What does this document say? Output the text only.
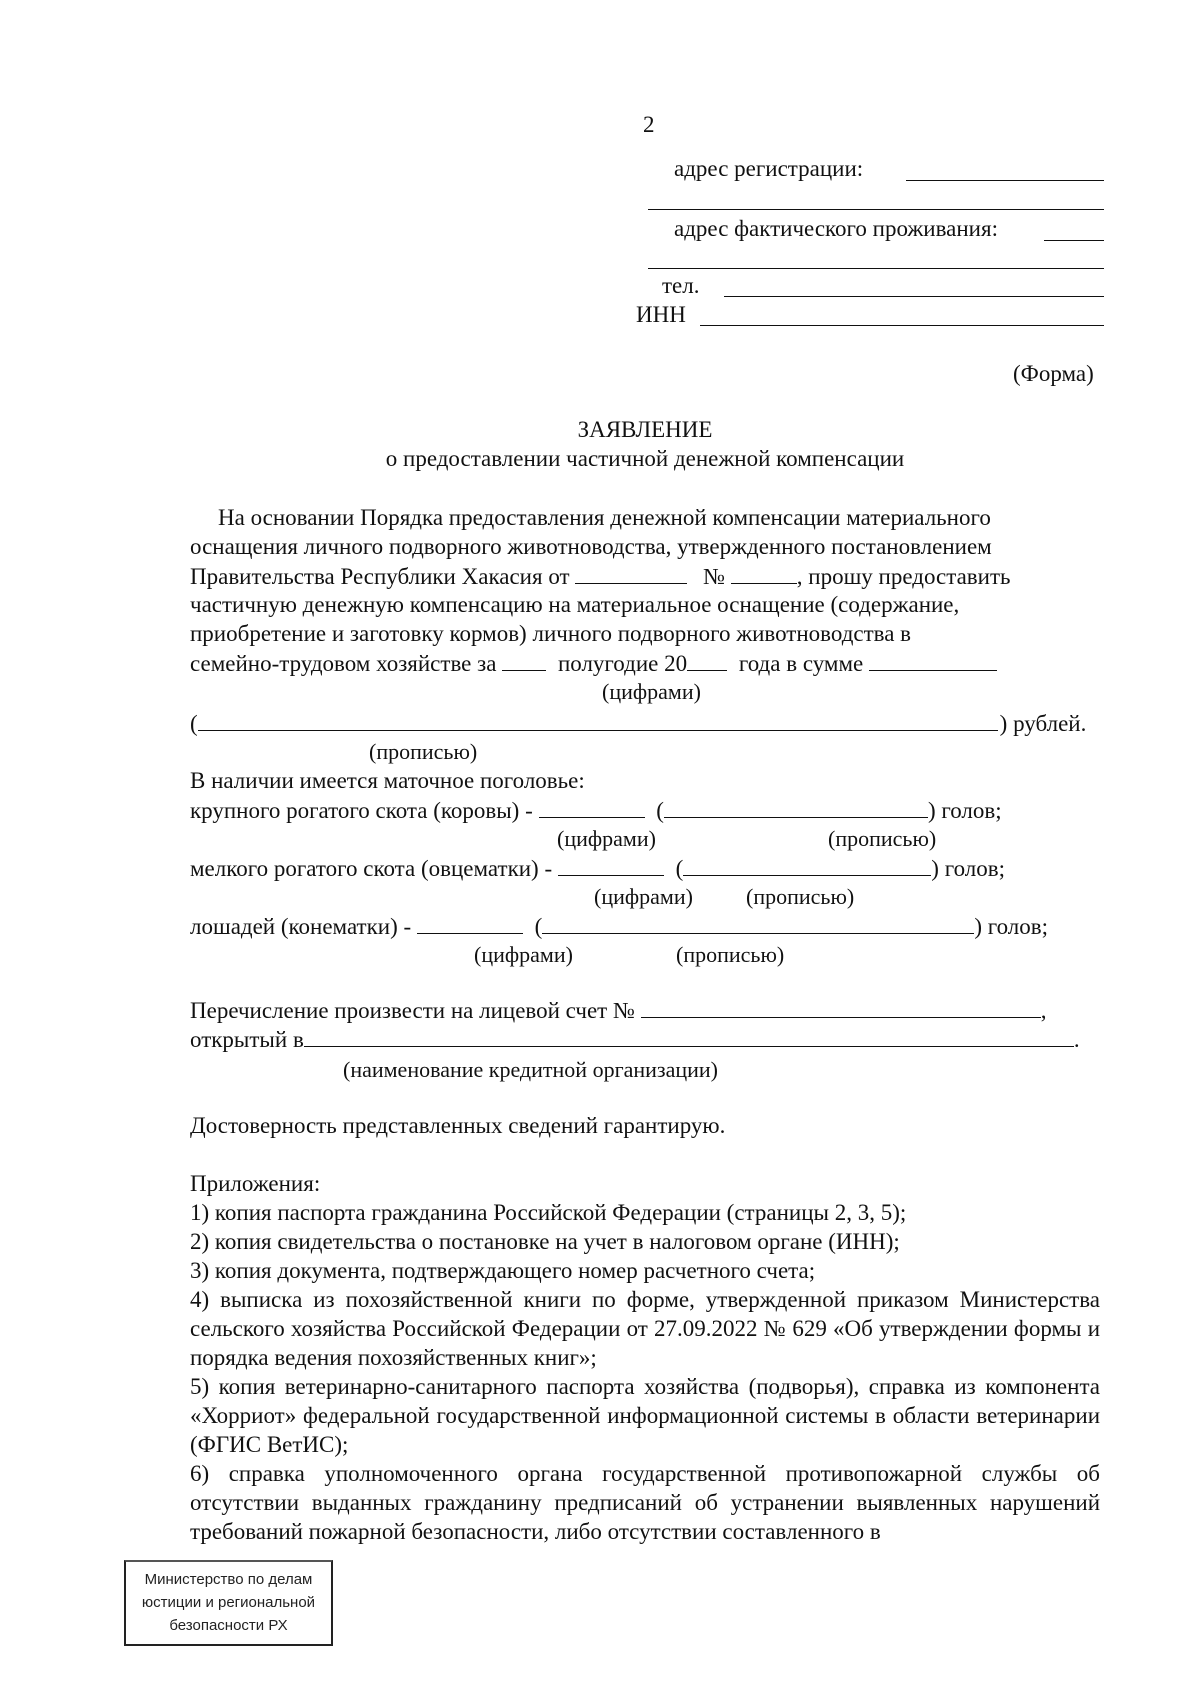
2
адрес регистрации:
адрес фактического проживания:
тел.
ИНН
(Форма)
ЗАЯВЛЕНИЕ
о предоставлении частичной денежной компенсации
На основании Порядка предоставления денежной компенсации материального
оснащения личного подворного животноводства, утвержденного постановлением
Правительства Республики Хакасия от	№	, прошу предоставить
частичную денежную компенсацию на материальное оснащение (содержание,
приобретение и заготовку кормов) личного подворного животноводства в
семейно-трудовом хозяйстве за	полугодие 20 года в сумме
(цифрами)
(	) рублей.
(прописью)
В наличии имеется маточное поголовье:
крупного рогатого скота (коровы) -	(	) голов;
(цифрами)	(прописью)
мелкого рогатого скота (овцематки) -	(	) голов;
(цифрами) (прописью)
лошадей (конематки) -	(	) голов;
(цифрами)	(прописью)
Перечисление произвести на лицевой счет №	,
открытый в	.
(наименование кредитной организации)
Достоверность представленных сведений гарантирую.
Приложения:
1) копия паспорта гражданина Российской Федерации (страницы 2, 3, 5);
2) копия свидетельства о постановке на учет в налоговом органе (ИНН);
3) копия документа, подтверждающего номер расчетного счета;
4) выписка из похозяйственной книги по форме, утвержденной приказом Министерства сельского хозяйства Российской Федерации от 27.09.2022 № 629 «Об утверждении формы и порядка ведения похозяйственных книг»;
5) копия ветеринарно-санитарного паспорта хозяйства (подворья), справка из компонента «Хорриот» федеральной государственной информационной системы в области ветеринарии (ФГИС ВетИС);
6) справка уполномоченного органа государственной противопожарной службы об отсутствии выданных гражданину предписаний об устранении выявленных нарушений требований пожарной безопасности, либо отсутствии составленного в
Министерство по делам
юстиции и региональной
безопасности РХ
